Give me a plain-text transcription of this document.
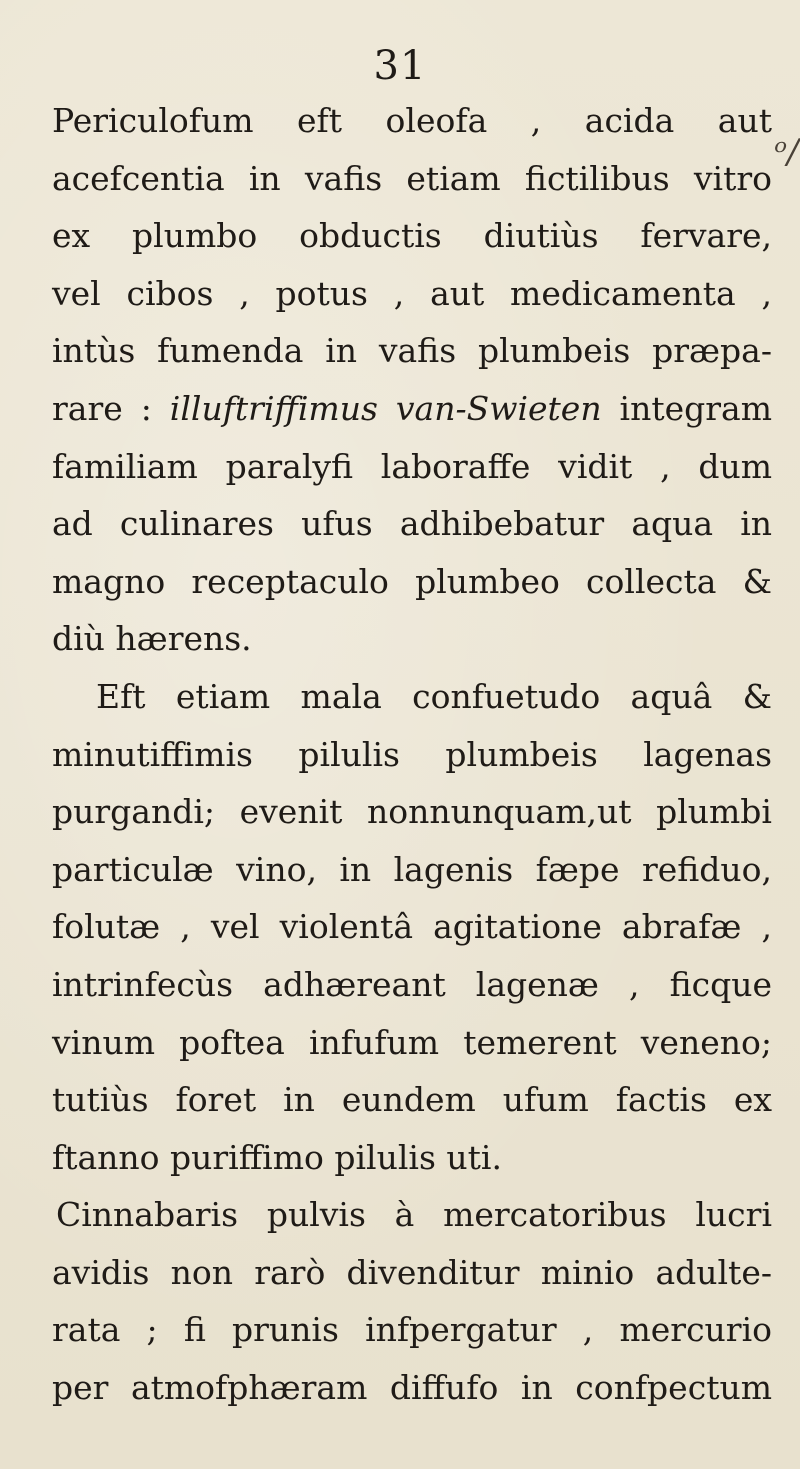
31
ᵒ/
Periculofum eft oleofa , acida aut
acefcentia in vafis etiam fictilibus vitro
ex plumbo obductis diutiùs fervare,
vel cibos , potus , aut medicamenta ,
intùs fumenda in vafis plumbeis præpa-
rare : illuftriffimus van-Swieten integram
familiam paralyfi laboraffe vidit , dum
ad culinares ufus adhibebatur aqua in
magno receptaculo plumbeo collecta &
diù hærens.
Eft etiam mala confuetudo aquâ &
minutiffimis pilulis plumbeis lagenas
purgandi; evenit nonnunquam,ut plumbi
particulæ vino, in lagenis fæpe refiduo,
folutæ , vel violentâ agitatione abrafæ ,
intrinfecùs adhæreant lagenæ , ficque
vinum poftea infufum temerent veneno;
tutiùs foret in eundem ufum factis ex
ftanno puriffimo pilulis uti.
Cinnabaris pulvis à mercatoribus lucri
avidis non rarò divenditur minio adulte-
rata ; fi prunis infpergatur , mercurio
per atmofphæram diffufo in confpectum
